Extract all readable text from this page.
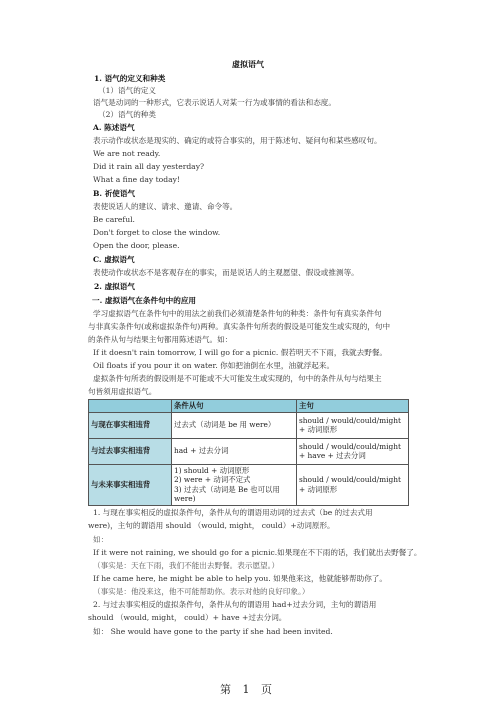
虚拟语气
1. 语气的定义和种类
（1）语气的定义
语气是动词的一种形式，它表示说话人对某一行为或事情的看法和态度。
（2）语气的种类
A. 陈述语气
表示动作或状态是现实的、确定的或符合事实的，用于陈述句、疑问句和某些感叹句。
We are not ready.
Did it rain all day yesterday?
What a fine day today!
B. 祈使语气
表使说话人的建议、请求、邀请、命令等。
Be careful.
Don't forget to close the window.
Open the door, please.
C. 虚拟语气
表使动作或状态不是客观存在的事实，而是说话人的主观愿望、假设或推测等。
2. 虚拟语气
一. 虚拟语气在条件句中的应用
学习虚拟语气在条件句中的用法之前我们必须清楚条件句的种类：条件句有真实条件句
与非真实条件句(或称虚拟条件句)两种。真实条件句所表的假设是可能发生或实现的，句中
的条件从句与结果主句都用陈述语气。如：
If it doesn't rain tomorrow, I will go for a picnic. 假若明天不下雨，我就去野餐。
Oil floats if you pour it on water. 你如把油倒在水里，油就浮起来。
虚拟条件句所表的假设则是不可能或不大可能发生或实现的，句中的条件从句与结果主
句皆须用虚拟语气。
	条件从句	主句
与现在事实相违背	过去式（动词是 be 用 were）	should / would/could/might + 动词原形
与过去事实相违背	had + 过去分词	should / would/could/might + have + 过去分词
与未来事实相违背	1) should + 动词原形
2) were + 动词不定式
3) 过去式（动词是 Be 也可以用 were)	should / would/could/might + 动词原形
1. 与现在事实相反的虚拟条件句，条件从句的谓语用动词的过去式（be 的过去式用
were)，主句的谓语用 should （would, might， could）+动词原形。
如：
If it were not raining, we should go for a picnic.如果现在不下雨的话，我们就出去野餐了。
（事实是：天在下雨，我们不能出去野餐。表示愿望。）
If he came here, he might be able to help you. 如果他来这，他就能够帮助你了。
（事实是：他没来这，他不可能帮助你。表示对他的良好印象。）
2. 与过去事实相反的虚拟条件句，条件从句的谓语用 had+过去分词，主句的谓语用
should （would, might， could）+ have +过去分词。
如： She would have gone to the party if she had been invited.
第 1 页
